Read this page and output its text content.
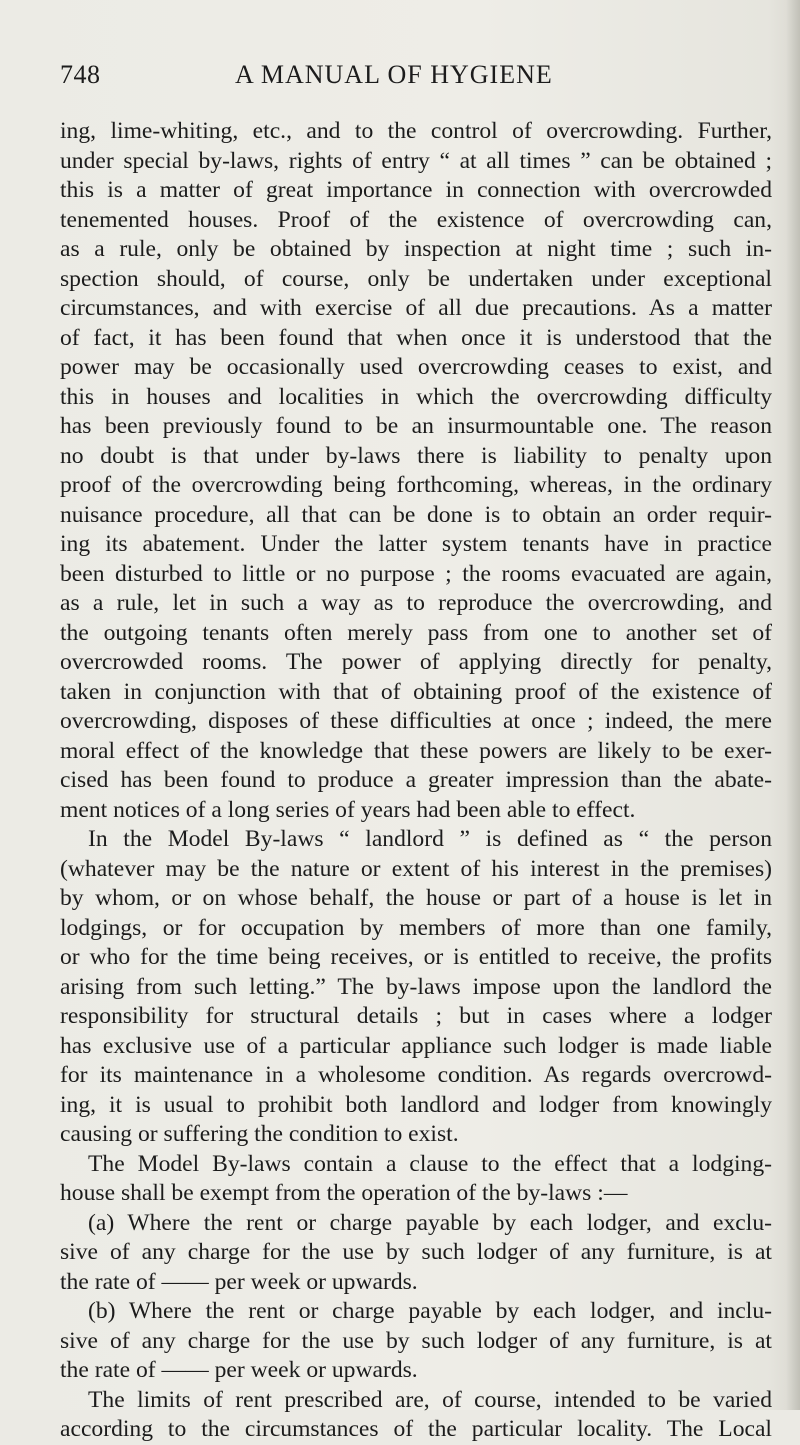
748	A MANUAL OF HYGIENE
ing, lime-whiting, etc., and to the control of overcrowding. Further,
under special by-laws, rights of entry “ at all times ” can be obtained ;
this is a matter of great importance in connection with overcrowded
tenemented houses. Proof of the existence of overcrowding can,
as a rule, only be obtained by inspection at night time ; such in-
spection should, of course, only be undertaken under exceptional
circumstances, and with exercise of all due precautions. As a matter
of fact, it has been found that when once it is understood that the
power may be occasionally used overcrowding ceases to exist, and
this in houses and localities in which the overcrowding difficulty
has been previously found to be an insurmountable one. The reason
no doubt is that under by-laws there is liability to penalty upon
proof of the overcrowding being forthcoming, whereas, in the ordinary
nuisance procedure, all that can be done is to obtain an order requir-
ing its abatement. Under the latter system tenants have in practice
been disturbed to little or no purpose ; the rooms evacuated are again,
as a rule, let in such a way as to reproduce the overcrowding, and
the outgoing tenants often merely pass from one to another set of
overcrowded rooms. The power of applying directly for penalty,
taken in conjunction with that of obtaining proof of the existence of
overcrowding, disposes of these difficulties at once ; indeed, the mere
moral effect of the knowledge that these powers are likely to be exer-
cised has been found to produce a greater impression than the abate-
ment notices of a long series of years had been able to effect.
In the Model By-laws “ landlord ” is defined as “ the person
(whatever may be the nature or extent of his interest in the premises)
by whom, or on whose behalf, the house or part of a house is let in
lodgings, or for occupation by members of more than one family,
or who for the time being receives, or is entitled to receive, the profits
arising from such letting.” The by-laws impose upon the landlord the
responsibility for structural details ; but in cases where a lodger
has exclusive use of a particular appliance such lodger is made liable
for its maintenance in a wholesome condition. As regards overcrowd-
ing, it is usual to prohibit both landlord and lodger from knowingly
causing or suffering the condition to exist.
The Model By-laws contain a clause to the effect that a lodging-
house shall be exempt from the operation of the by-laws :—
(a) Where the rent or charge payable by each lodger, and exclu-
sive of any charge for the use by such lodger of any furniture, is at
the rate of —— per week or upwards.
(b) Where the rent or charge payable by each lodger, and inclu-
sive of any charge for the use by such lodger of any furniture, is at
the rate of —— per week or upwards.
The limits of rent prescribed are, of course, intended to be varied
according to the circumstances of the particular locality. The Local
